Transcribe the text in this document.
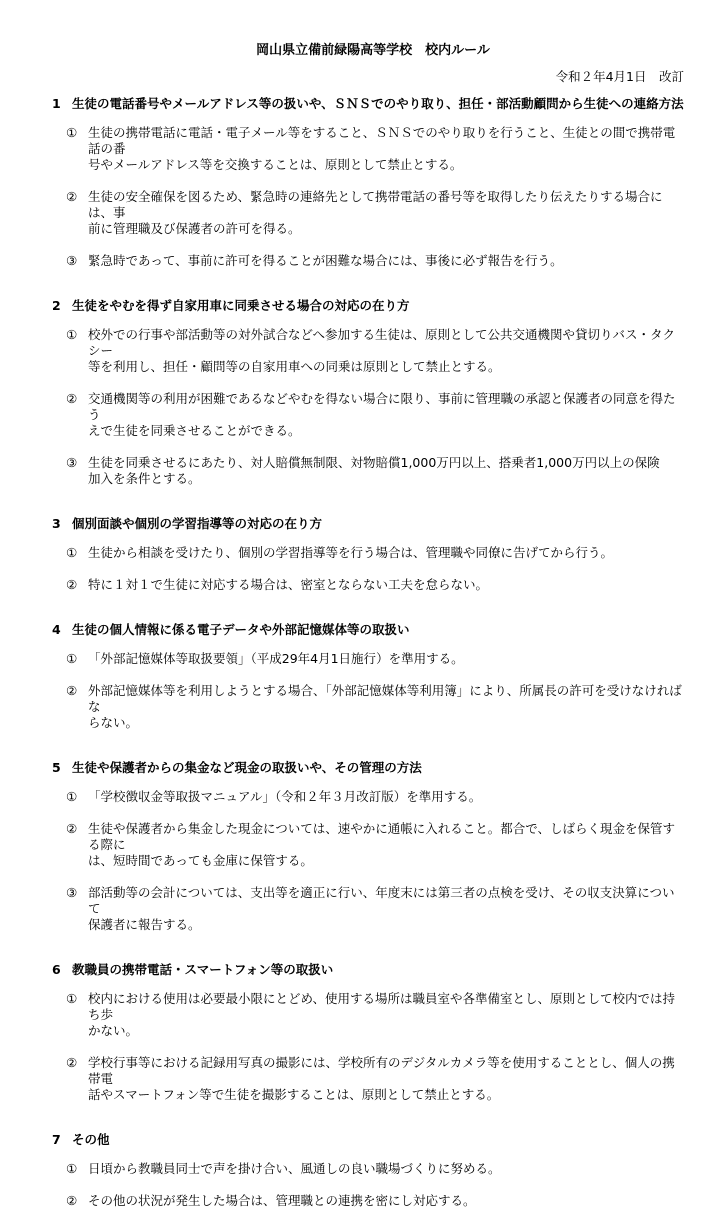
岡山県立備前緑陽高等学校　校内ルール

令和２年4月1日　改訂

1 生徒の電話番号やメールアドレス等の扱いや、ＳＮＳでのやり取り、担任・部活動顧問から生徒への連絡方法
① 生徒の携帯電話に電話・電子メール等をすること、ＳＮＳでのやり取りを行うこと、生徒との間で携帯電話の番
号やメールアドレス等を交換することは、原則として禁止とする。
② 生徒の安全確保を図るため、緊急時の連絡先として携帯電話の番号等を取得したり伝えたりする場合には、事
前に管理職及び保護者の許可を得る。
③ 緊急時であって、事前に許可を得ることが困難な場合には、事後に必ず報告を行う。
2 生徒をやむを得ず自家用車に同乗させる場合の対応の在り方
① 校外での行事や部活動等の対外試合などへ参加する生徒は、原則として公共交通機関や貸切りバス・タクシー
等を利用し、担任・顧問等の自家用車への同乗は原則として禁止とする。
② 交通機関等の利用が困難であるなどやむを得ない場合に限り、事前に管理職の承認と保護者の同意を得たう
えで生徒を同乗させることができる。
③ 生徒を同乗させるにあたり、対人賠償無制限、対物賠償1,000万円以上、搭乗者1,000万円以上の保険
加入を条件とする。
3 個別面談や個別の学習指導等の対応の在り方
① 生徒から相談を受けたり、個別の学習指導等を行う場合は、管理職や同僚に告げてから行う。
② 特に１対１で生徒に対応する場合は、密室とならない工夫を怠らない。
4 生徒の個人情報に係る電子データや外部記憶媒体等の取扱い
① 「外部記憶媒体等取扱要領」（平成29年4月1日施行）を準用する。
② 外部記憶媒体等を利用しようとする場合、「外部記憶媒体等利用簿」により、所属長の許可を受けなければな
らない。
5 生徒や保護者からの集金など現金の取扱いや、その管理の方法
① 「学校徴収金等取扱マニュアル」（令和２年３月改訂版）を準用する。
② 生徒や保護者から集金した現金については、速やかに通帳に入れること。都合で、しばらく現金を保管する際に
は、短時間であっても金庫に保管する。
③ 部活動等の会計については、支出等を適正に行い、年度末には第三者の点検を受け、その収支決算について
保護者に報告する。
6 教職員の携帯電話・スマートフォン等の取扱い
① 校内における使用は必要最小限にとどめ、使用する場所は職員室や各準備室とし、原則として校内では持ち歩
かない。
② 学校行事等における記録用写真の撮影には、学校所有のデジタルカメラ等を使用することとし、個人の携帯電
話やスマートフォン等で生徒を撮影することは、原則として禁止とする。
7 その他
① 日頃から教職員同士で声を掛け合い、風通しの良い職場づくりに努める。
② その他の状況が発生した場合は、管理職との連携を密にし対応する。
